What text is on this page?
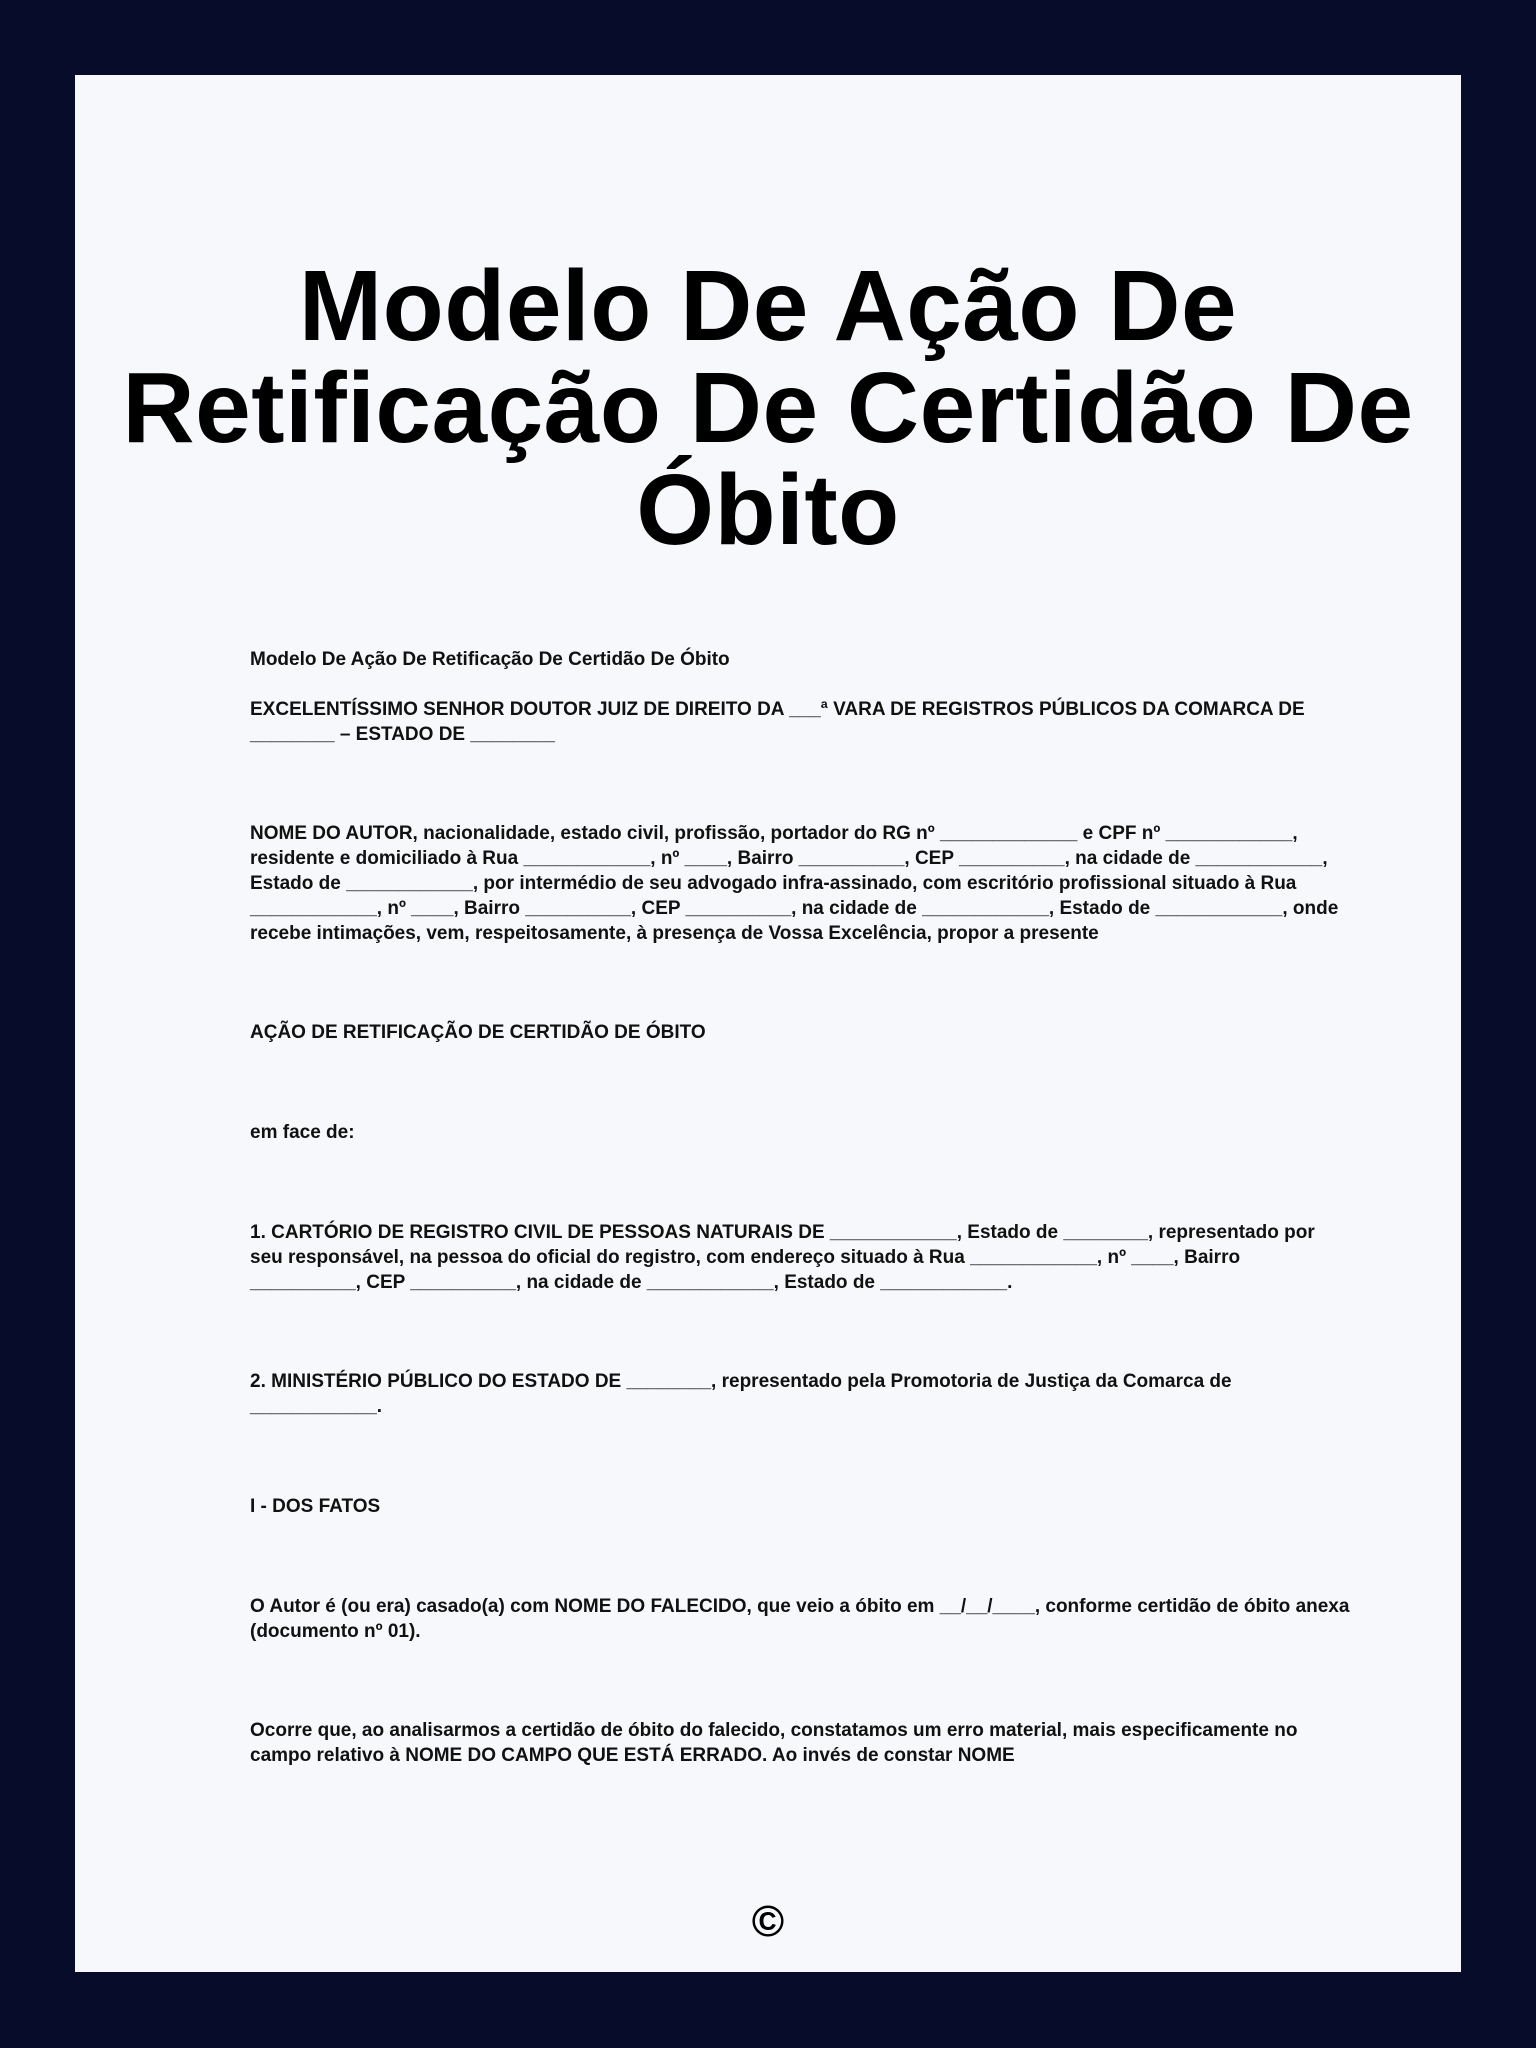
Modelo De Ação De Retificação De Certidão De Óbito

Modelo De Ação De Retificação De Certidão De Óbito

EXCELENTÍSSIMO SENHOR DOUTOR JUIZ DE DIREITO DA ___ª VARA DE REGISTROS PÚBLICOS DA COMARCA DE ________ – ESTADO DE ________

NOME DO AUTOR, nacionalidade, estado civil, profissão, portador do RG nº _____________ e CPF nº ____________, residente e domiciliado à Rua ____________, nº ____, Bairro __________, CEP __________, na cidade de ____________, Estado de ____________, por intermédio de seu advogado infra-assinado, com escritório profissional situado à Rua ____________, nº ____, Bairro __________, CEP __________, na cidade de ____________, Estado de ____________, onde recebe intimações, vem, respeitosamente, à presença de Vossa Excelência, propor a presente

AÇÃO DE RETIFICAÇÃO DE CERTIDÃO DE ÓBITO

em face de:

1. CARTÓRIO DE REGISTRO CIVIL DE PESSOAS NATURAIS DE ____________, Estado de ________, representado por seu responsável, na pessoa do oficial do registro, com endereço situado à Rua ____________, nº ____, Bairro __________, CEP __________, na cidade de ____________, Estado de ____________.

2. MINISTÉRIO PÚBLICO DO ESTADO DE ________, representado pela Promotoria de Justiça da Comarca de ____________.

I - DOS FATOS

O Autor é (ou era) casado(a) com NOME DO FALECIDO, que veio a óbito em __/__/____, conforme certidão de óbito anexa (documento nº 01).

Ocorre que, ao analisarmos a certidão de óbito do falecido, constatamos um erro material, mais especificamente no campo relativo à NOME DO CAMPO QUE ESTÁ ERRADO. Ao invés de constar NOME

©
